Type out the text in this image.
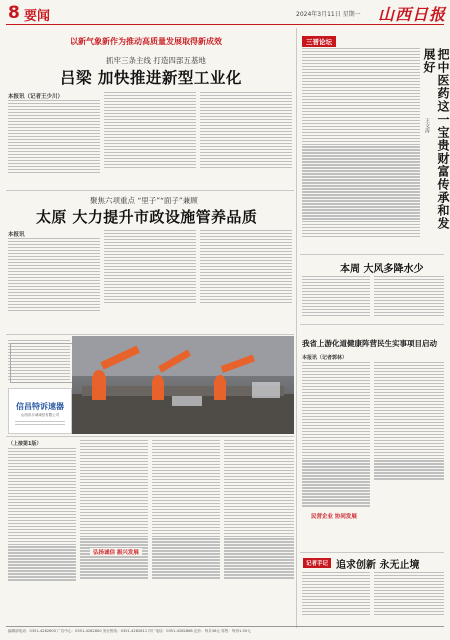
8 要闻	2024年3月11日 星期一 山西日报
以新气象新作为推动高质量发展取得新成效
抓牢三条主线 打造四部五基地
吕梁 加快推进新型工业化
本报讯（记者王少川）
聚焦六项重点 “里子”“面子”兼顾
太原 大力提升市政设施管养品质
本报讯
信昌特诉速器
山西省丰诚诚信有限公司
（上接第1版）
弘扬诚信 振兴发展
三晋论坛
把中医药这一宝贵财富传承和发展好
王文涛
本周 大风多降水少
我省上游化道健康阵营民生实事项目启动
本报讯（记者郭林）
民营企业 协同发展
记者手记 追求创新 永无止境
编辑部电话：0351-4282600 广告中心：0351-4282800 发行热线：0351-4282811 印厂电话：0351-4282868 定价：每月36元 零售：每份1.50元
